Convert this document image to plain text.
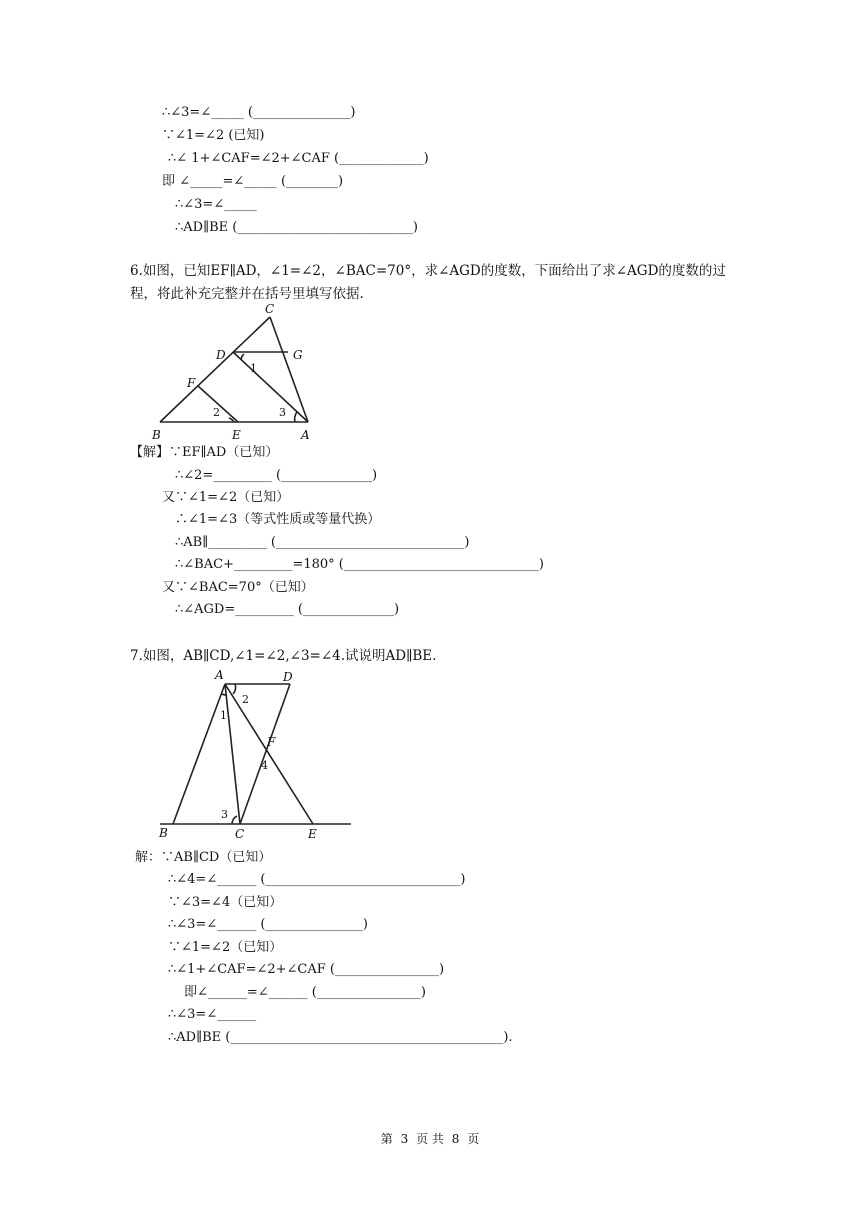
∴∠3=∠_____ (_______________)
∵∠1=∠2 (已知)
∴∠ 1+∠CAF=∠2+∠CAF (_____________)
即 ∠_____=∠_____ (________)
∴∠3=∠_____
∴AD∥BE (___________________________)
6.如图，已知EF∥AD，∠1=∠2，∠BAC=70°，求∠AGD的度数，下面给出了求∠AGD的度数的过
程，将此补充完整并在括号里填写依据.
C
D	G
F
B	E	A
1
2	3
【解】∵EF∥AD（已知）
∴∠2=_________ (______________)
又∵∠1=∠2（已知）
∴∠1=∠3（等式性质或等量代换）
∴AB∥_________ (_____________________________)
∴∠BAC+_________=180° (______________________________)
又∵∠BAC=70°（已知）
∴∠AGD=_________ (______________)
7.如图，AB∥CD,∠1=∠2,∠3=∠4.试说明AD∥BE.
A	D
F
B	C	E
1
2
3
4
解：∵AB∥CD（已知）
∴∠4=∠______ (______________________________)
∵∠3=∠4（已知）
∴∠3=∠______ (_______________)
∵∠1=∠2（已知）
∴∠1+∠CAF=∠2+∠CAF (________________)
即∠______=∠______ (________________)
∴∠3=∠______
∴AD∥BE (__________________________________________).
第 3 页 共 8 页
